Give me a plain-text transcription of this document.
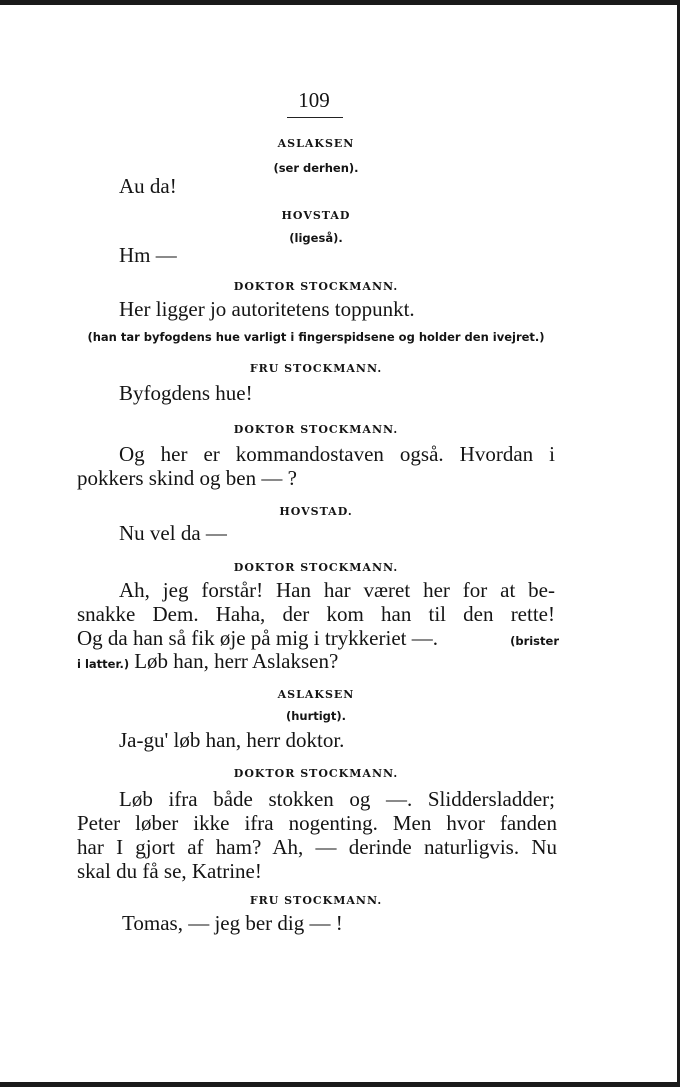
109
ASLAKSEN
(ser derhen).
Au da!
HOVSTAD
(ligeså).
Hm —
DOKTOR STOCKMANN.
Her ligger jo autoritetens toppunkt.
(han tar byfogdens hue varligt i fingerspidsene og holder den ivejret.)
FRU STOCKMANN.
Byfogdens hue!
DOKTOR STOCKMANN.
Og her er kommandostaven også. Hvordan i
pokkers skind og ben — ?
HOVSTAD.
Nu vel da —
DOKTOR STOCKMANN.
Ah, jeg forstår! Han har været her for at be-
snakke Dem. Haha, der kom han til den rette!
Og da han så fik øje på mig i trykkeriet —.	(brister
i latter.) Løb han, herr Aslaksen?
ASLAKSEN
(hurtigt).
Ja-gu' løb han, herr doktor.
DOKTOR STOCKMANN.
Løb ifra både stokken og —. Sliddersladder;
Peter løber ikke ifra nogenting. Men hvor fanden
har I gjort af ham? Ah, — derinde naturligvis. Nu
skal du få se, Katrine!
FRU STOCKMANN.
Tomas, — jeg ber dig — !
